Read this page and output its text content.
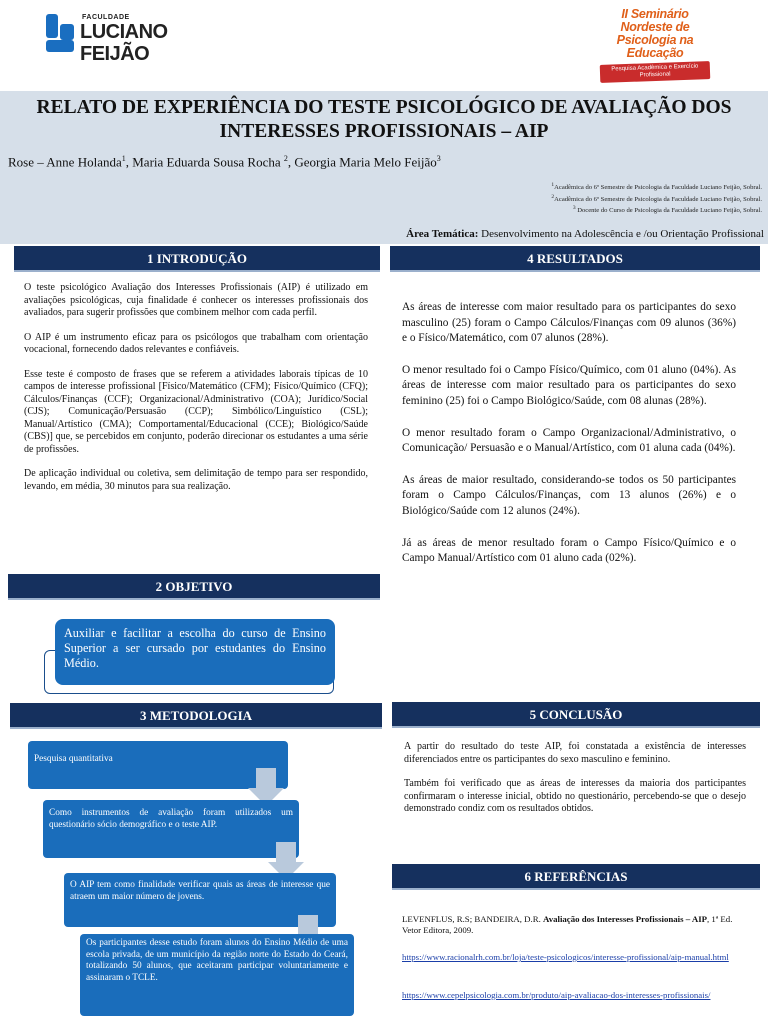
FACULDADE
LUCIANO
FEIJÃO
II Seminário
Nordeste de
Psicologia na
Educação
Pesquisa Acadêmica e Exercício Profissional
RELATO DE EXPERIÊNCIA DO TESTE PSICOLÓGICO DE AVALIAÇÃO DOS
INTERESSES PROFISSIONAIS – AIP
Rose – Anne Holanda$^1$, Maria Eduarda Sousa Rocha $^2$, Georgia Maria Melo Feijão$^3$
$^1$Acadêmica do 6º Semestre de Psicologia da Faculdade Luciano Feijão, Sobral.
$^2$Acadêmica do 6º Semestre de Psicologia da Faculdade Luciano Feijão, Sobral.
$^3$ Docente do Curso de Psicologia da Faculdade Luciano Feijão, Sobral.
Área Temática: Desenvolvimento na Adolescência e /ou Orientação Profissional
1 INTRODUÇÃO

O teste psicológico Avaliação dos Interesses Profissionais (AIP) é utilizado em avaliações psicológicas, cuja finalidade é conhecer os interesses profissionais dos avaliados, para sugerir profissões que combinem melhor com cada perfil.

O AIP é um instrumento eficaz para os psicólogos que trabalham com orientação vocacional, fornecendo dados relevantes e confiáveis.

Esse teste é composto de frases que se referem a atividades laborais típicas de 10 campos de interesse profissional [Físico/Matemático (CFM); Físico/Químico (CFQ); Cálculos/Finanças (CCF); Organizacional/Administrativo (COA); Jurídico/Social (CJS); Comunicação/Persuasão (CCP); Simbólico/Linguístico (CSL); Manual/Artístico (CMA); Comportamental/Educacional (CCE); Biológico/Saúde (CBS)] que, se percebidos em conjunto, poderão direcionar os estudantes a uma série de profissões.

De aplicação individual ou coletiva, sem delimitação de tempo para ser respondido, levando, em média, 30 minutos para sua realização.

2 OBJETIVO
Auxiliar e facilitar a escolha do curso de Ensino Superior a ser cursado por estudantes do Ensino Médio.
3 METODOLOGIA
Pesquisa quantitativa
Como instrumentos de avaliação foram utilizados um questionário sócio demográfico e o teste AIP.
O AIP tem como finalidade verificar quais as áreas de interesse que atraem um maior número de jovens.
Os participantes desse estudo foram alunos do Ensino Médio de uma escola privada, de um município da região norte do Estado do Ceará, totalizando 50 alunos, que aceitaram participar voluntariamente e assinaram o TCLE.
4 RESULTADOS

As áreas de interesse com maior resultado para os participantes do sexo masculino (25) foram o Campo Cálculos/Finanças com 09 alunos (36%) e o Físico/Matemático, com 07 alunos (28%).

O menor resultado foi o Campo Físico/Químico, com 01 aluno (04%). As áreas de interesse com maior resultado para os participantes do sexo feminino (25) foi o Campo Biológico/Saúde, com 08 alunas (28%).

O menor resultado foram o Campo Organizacional/Administrativo, o Comunicação/ Persuasão e o Manual/Artístico, com 01 aluna cada (04%).

As áreas de maior resultado, considerando-se todos os 50 participantes foram o Campo Cálculos/Finanças, com 13 alunos (26%) e o Biológico/Saúde com 12 alunos (24%).

Já as áreas de menor resultado foram o Campo Físico/Químico e o Campo Manual/Artístico com 01 aluno cada (02%).

5 CONCLUSÃO

A partir do resultado do teste AIP, foi constatada a existência de interesses diferenciados entre os participantes do sexo masculino e feminino.

Também foi verificado que as áreas de interesses da maioria dos participantes confirmaram o interesse inicial, obtido no questionário, percebendo-se que o desejo demonstrado condiz com os resultados obtidos.

6 REFERÊNCIAS
LEVENFLUS, R.S; BANDEIRA, D.R. Avaliação dos Interesses Profissionais – AIP, 1ª Ed. Vetor Editora, 2009.
https://www.racionalrh.com.br/loja/teste-psicologicos/interesse-profissional/aip-manual.html
https://www.cepelpsicologia.com.br/produto/aip-avaliacao-dos-interesses-profissionais/
